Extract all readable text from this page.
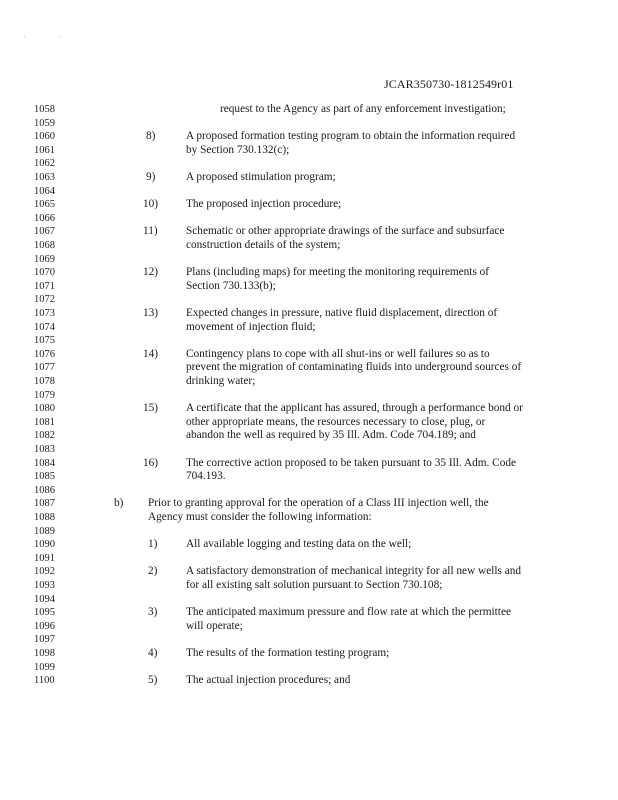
'	'
JCAR350730-1812549r01
1058
1059
1060
1061
1062
1063
1064
1065
1066
1067
1068
1069
1070
1071
1072
1073
1074
1075
1076
1077
1078
1079
1080
1081
1082
1083
1084
1085
1086
1087
1088
1089
1090
1091
1092
1093
1094
1095
1096
1097
1098
1099
1100
request to the Agency as part of any enforcement investigation;
8)	A proposed formation testing program to obtain the information required
by Section 730.132(c);
9)	A proposed stimulation program;
10) The proposed injection procedure;
11)	Schematic or other appropriate drawings of the surface and subsurface
construction details of the system;
12) Plans (including maps) for meeting the monitoring requirements of
Section 730.133(b);
13) Expected changes in pressure, native fluid displacement, direction of
movement of injection fluid;
14) Contingency plans to cope with all shut-ins or well failures so as to
prevent the migration of contaminating fluids into underground sources of
drinking water;
15) A certificate that the applicant has assured, through a performance bond or
other appropriate means, the resources necessary to close, plug, or
abandon the well as required by 35 Ill. Adm. Code 704.189; and
16) The corrective action proposed to be taken pursuant to 35 Ill. Adm. Code
704.193.
b) Prior to granting approval for the operation of a Class III injection well, the
Agency must consider the following information:
1)	All available logging and testing data on the well;
2)	A satisfactory demonstration of mechanical integrity for all new wells and
for all existing salt solution pursuant to Section 730.108;
3)	The anticipated maximum pressure and flow rate at which the permittee
will operate;
4)	The results of the formation testing program;
5)	The actual injection procedures; and
